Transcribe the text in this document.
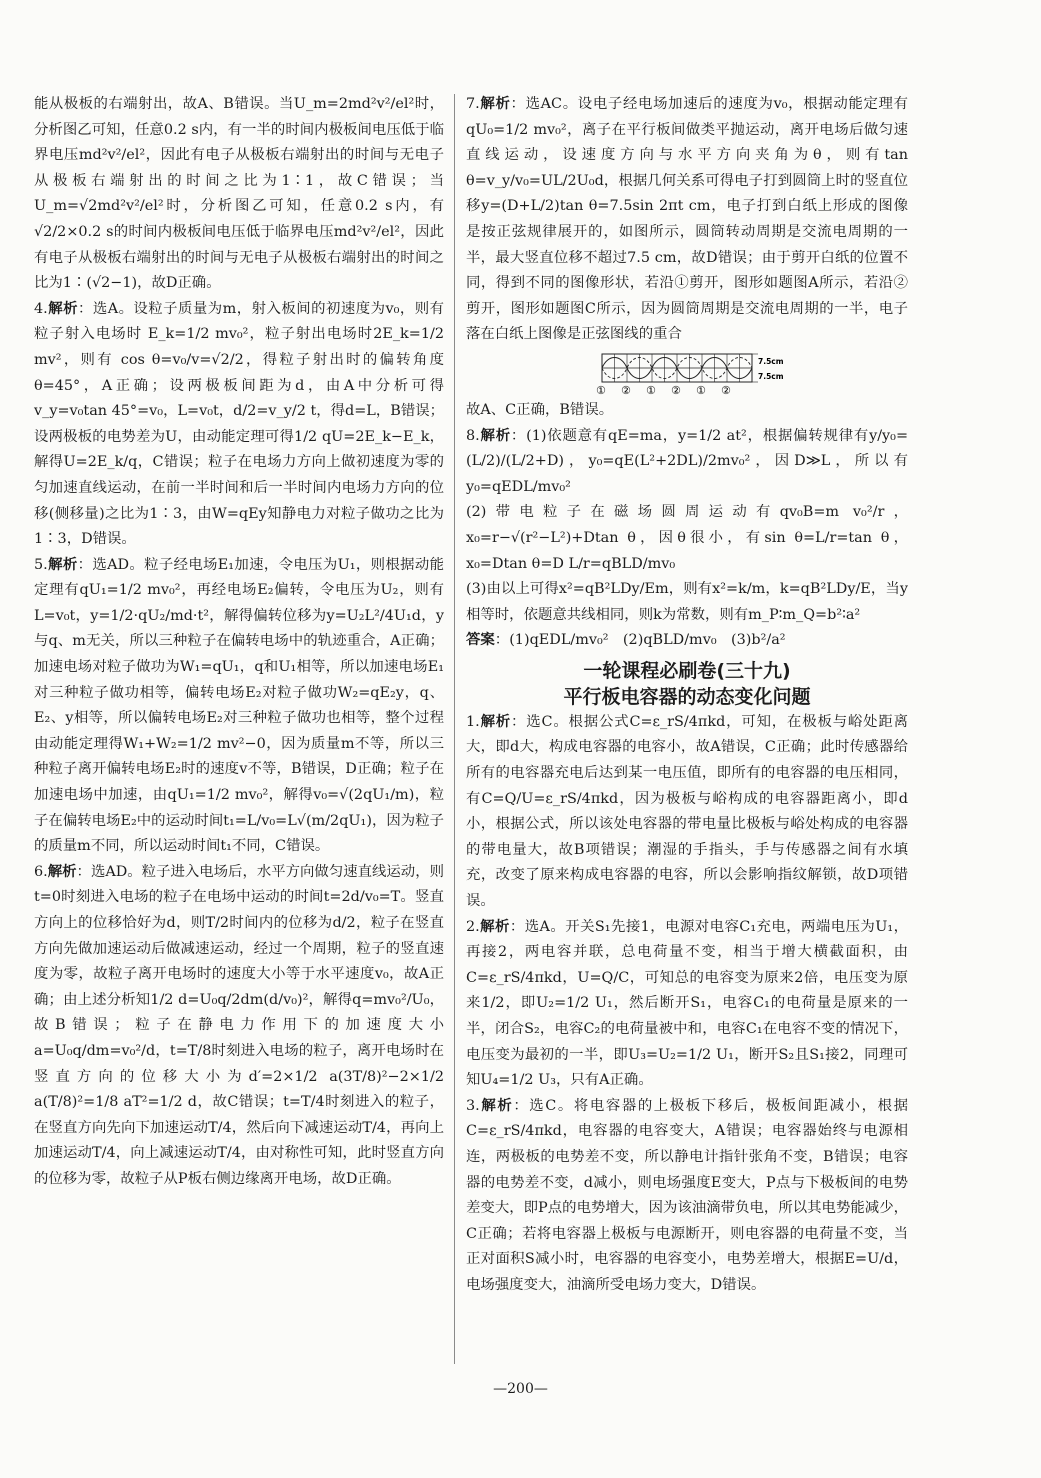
能从极板的右端射出，故A、B错误。当U_m=2md²v²/el²时，分析图乙可知，任意0.2 s内，有一半的时间内极板间电压低于临界电压md²v²/el²，因此有电子从极板右端射出的时间与无电子从极板右端射出的时间之比为1∶1，故C错误；当U_m=√2md²v²/el²时，分析图乙可知，任意0.2 s内，有√2/2×0.2 s的时间内极板间电压低于临界电压md²v²/el²，因此有电子从极板右端射出的时间与无电子从极板右端射出的时间之比为1∶(√2−1)，故D正确。

4.解析：选A。设粒子质量为m，射入板间的初速度为v₀，则有粒子射入电场时 E_k=1/2 mv₀²，粒子射出电场时2E_k=1/2 mv²，则有 cos θ=v₀/v=√2/2，得粒子射出时的偏转角度θ=45°，A正确；设两极板间距为d，由A中分析可得 v_y=v₀tan 45°=v₀，L=v₀t，d/2=v_y/2 t，得d=L，B错误；设两极板的电势差为U，由动能定理可得1/2 qU=2E_k−E_k，解得U=2E_k/q，C错误；粒子在电场力方向上做初速度为零的匀加速直线运动，在前一半时间和后一半时间内电场力方向的位移(侧移量)之比为1∶3，由W=qEy知静电力对粒子做功之比为1∶3，D错误。

5.解析：选AD。粒子经电场E₁加速，令电压为U₁，则根据动能定理有qU₁=1/2 mv₀²，再经电场E₂偏转，令电压为U₂，则有L=v₀t，y=1/2·qU₂/md·t²，解得偏转位移为y=U₂L²/4U₁d，y与q、m无关，所以三种粒子在偏转电场中的轨迹重合，A正确；加速电场对粒子做功为W₁=qU₁，q和U₁相等，所以加速电场E₁对三种粒子做功相等，偏转电场E₂对粒子做功W₂=qE₂y，q、E₂、y相等，所以偏转电场E₂对三种粒子做功也相等，整个过程由动能定理得W₁+W₂=1/2 mv²−0，因为质量m不等，所以三种粒子离开偏转电场E₂时的速度v不等，B错误，D正确；粒子在加速电场中加速，由qU₁=1/2 mv₀²，解得v₀=√(2qU₁/m)，粒子在偏转电场E₂中的运动时间t₁=L/v₀=L√(m/2qU₁)，因为粒子的质量m不同，所以运动时间t₁不同，C错误。

6.解析：选AD。粒子进入电场后，水平方向做匀速直线运动，则t=0时刻进入电场的粒子在电场中运动的时间t=2d/v₀=T。竖直方向上的位移恰好为d，则T/2时间内的位移为d/2，粒子在竖直方向先做加速运动后做减速运动，经过一个周期，粒子的竖直速度为零，故粒子离开电场时的速度大小等于水平速度v₀，故A正确；由上述分析知1/2 d=U₀q/2dm(d/v₀)²，解得q=mv₀²/U₀，故B错误；粒子在静电力作用下的加速度大小a=U₀q/dm=v₀²/d，t=T/8时刻进入电场的粒子，离开电场时在竖直方向的位移大小为d′=2×1/2 a(3T/8)²−2×1/2 a(T/8)²=1/8 aT²=1/2 d，故C错误；t=T/4时刻进入的粒子，在竖直方向先向下加速运动T/4，然后向下减速运动T/4，再向上加速运动T/4，向上减速运动T/4，由对称性可知，此时竖直方向的位移为零，故粒子从P板右侧边缘离开电场，故D正确。

7.解析：选AC。设电子经电场加速后的速度为v₀，根据动能定理有qU₀=1/2 mv₀²，离子在平行板间做类平抛运动，离开电场后做匀速直线运动，设速度方向与水平方向夹角为θ，则有tan θ=v_y/v₀=UL/2U₀d，根据几何关系可得电子打到圆筒上时的竖直位移y=(D+L/2)tan θ=7.5sin 2πt cm，电子打到白纸上形成的图像是按正弦规律展开的，如图所示，圆筒转动周期是交流电周期的一半，最大竖直位移不超过7.5 cm，故D错误；由于剪开白纸的位置不同，得到不同的图像形状，若沿①剪开，图形如题图A所示，若沿②剪开，图形如题图C所示，因为圆筒周期是交流电周期的一半，电子落在白纸上图像是正弦图线的重合

7.5cm
7.5cm
① ② ① ② ① ②

故A、C正确，B错误。

8.解析：(1)依题意有qE=ma，y=1/2 at²，根据偏转规律有y/y₀=(L/2)/(L/2+D)，y₀=qE(L²+2DL)/2mv₀²，因D≫L，所以有y₀=qEDL/mv₀²

(2)带电粒子在磁场圆周运动有qv₀B=m v₀²/r，x₀=r−√(r²−L²)+Dtan θ，因θ很小，有sin θ=L/r=tan θ，x₀=Dtan θ=D L/r=qBLD/mv₀

(3)由以上可得x²=qB²LDy/Em，则有x²=k/m，k=qB²LDy/E，当y相等时，依题意共线相同，则k为常数，则有m_P∶m_Q=b²∶a²

答案：(1)qEDL/mv₀²　(2)qBLD/mv₀　(3)b²/a²

一轮课程必刷卷(三十九)
平行板电容器的动态变化问题

1.解析：选C。根据公式C=ε_rS/4πkd，可知，在极板与峪处距离大，即d大，构成电容器的电容小，故A错误，C正确；此时传感器给所有的电容器充电后达到某一电压值，即所有的电容器的电压相同，有C=Q/U=ε_rS/4πkd，因为极板与峪构成的电容器距离小，即d小，根据公式，所以该处电容器的带电量比极板与峪处构成的电容器的带电量大，故B项错误；潮湿的手指头，手与传感器之间有水填充，改变了原来构成电容器的电容，所以会影响指纹解锁，故D项错误。

2.解析：选A。开关S₁先接1，电源对电容C₁充电，两端电压为U₁，再接2，两电容并联，总电荷量不变，相当于增大横截面积，由C=ε_rS/4πkd，U=Q/C，可知总的电容变为原来2倍，电压变为原来1/2，即U₂=1/2 U₁，然后断开S₁，电容C₁的电荷量是原来的一半，闭合S₂，电容C₂的电荷量被中和，电容C₁在电容不变的情况下，电压变为最初的一半，即U₃=U₂=1/2 U₁，断开S₂且S₁接2，同理可知U₄=1/2 U₃，只有A正确。

3.解析：选C。将电容器的上极板下移后，极板间距减小，根据C=ε_rS/4πkd，电容器的电容变大，A错误；电容器始终与电源相连，两极板的电势差不变，所以静电计指针张角不变，B错误；电容器的电势差不变，d减小，则电场强度E变大，P点与下极板间的电势差变大，即P点的电势增大，因为该油滴带负电，所以其电势能减少，C正确；若将电容器上极板与电源断开，则电容器的电荷量不变，当正对面积S减小时，电容器的电容变小，电势差增大，根据E=U/d，电场强度变大，油滴所受电场力变大，D错误。

—200—
